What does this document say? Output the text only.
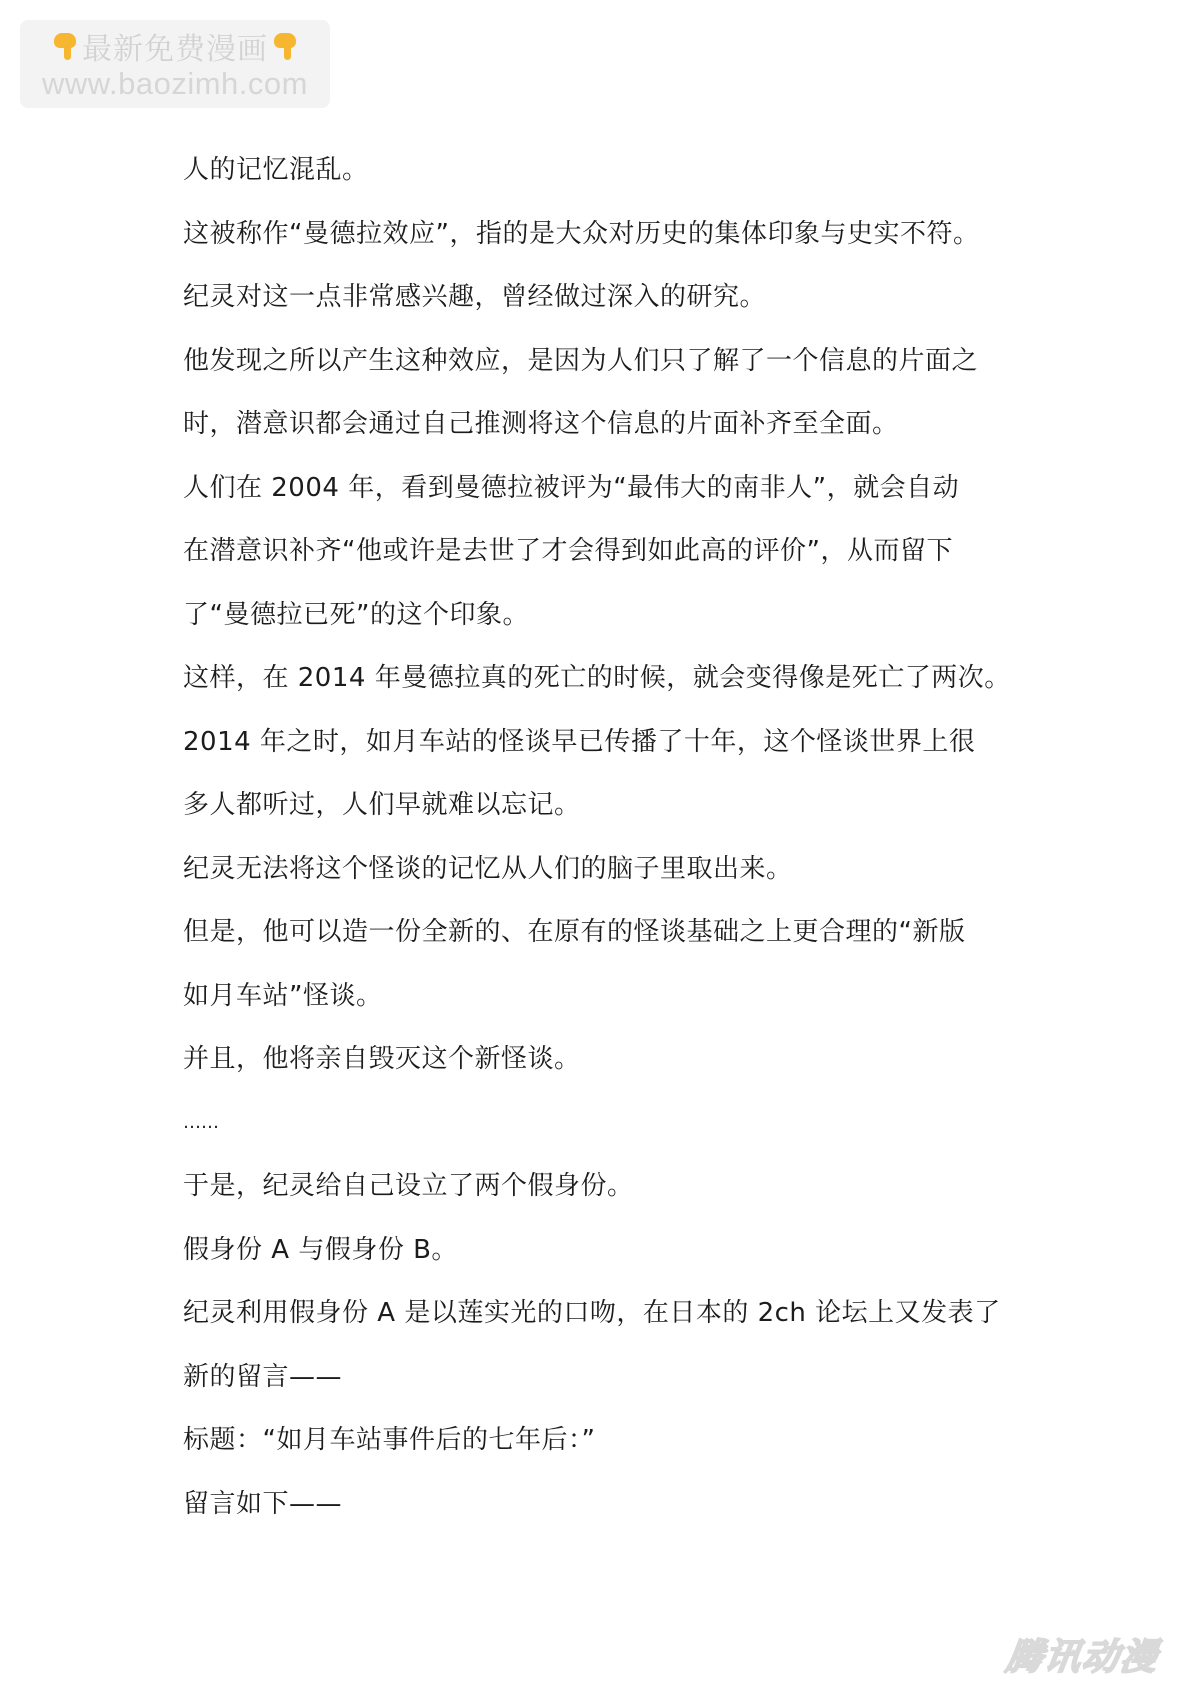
最新免费漫画
www.baozimh.com
人的记忆混乱。
这被称作“曼德拉效应”，指的是大众对历史的集体印象与史实不符。
纪灵对这一点非常感兴趣，曾经做过深入的研究。
他发现之所以产生这种效应，是因为人们只了解了一个信息的片面之
时，潜意识都会通过自己推测将这个信息的片面补齐至全面。
人们在 2004 年，看到曼德拉被评为“最伟大的南非人”，就会自动
在潜意识补齐“他或许是去世了才会得到如此高的评价”，从而留下
了“曼德拉已死”的这个印象。
这样，在 2014 年曼德拉真的死亡的时候，就会变得像是死亡了两次。
2014 年之时，如月车站的怪谈早已传播了十年，这个怪谈世界上很
多人都听过，人们早就难以忘记。
纪灵无法将这个怪谈的记忆从人们的脑子里取出来。
但是，他可以造一份全新的、在原有的怪谈基础之上更合理的“新版
如月车站”怪谈。
并且，他将亲自毁灭这个新怪谈。
……
于是，纪灵给自己设立了两个假身份。
假身份 A 与假身份 B。
纪灵利用假身份 A 是以莲实光的口吻，在日本的 2ch 论坛上又发表了
新的留言——
标题：“如月车站事件后的七年后：”
留言如下——
腾讯动漫
